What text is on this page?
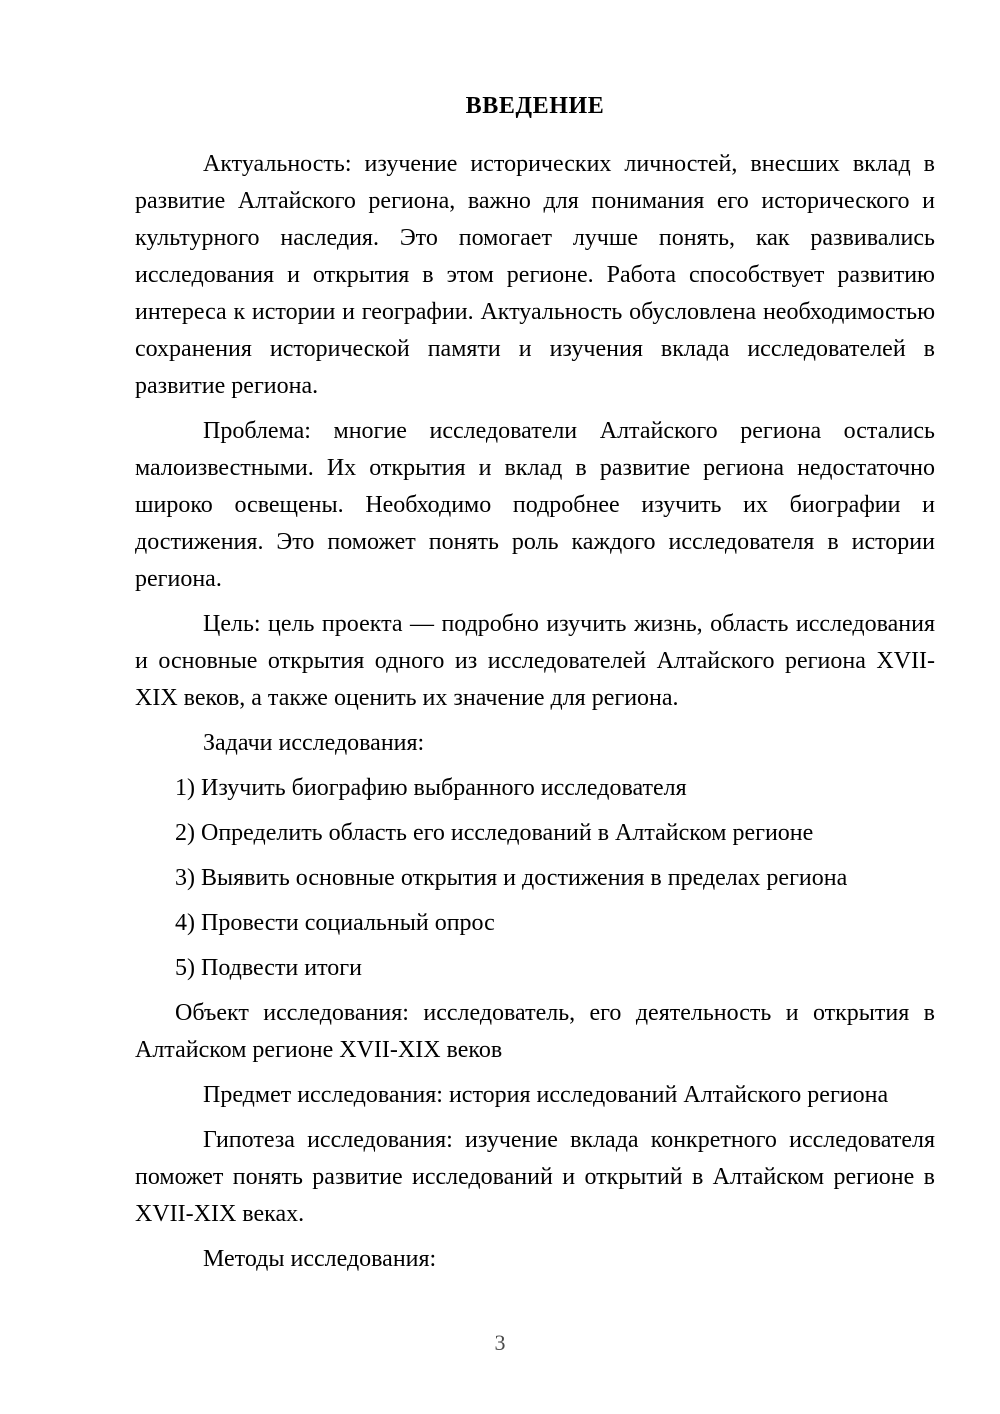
ВВЕДЕНИЕ

Актуальность: изучение исторических личностей, внесших вклад в развитие Алтайского региона, важно для понимания его исторического и культурного наследия. Это помогает лучше понять, как развивались исследования и открытия в этом регионе. Работа способствует развитию интереса к истории и географии. Актуальность обусловлена необходимостью сохранения исторической памяти и изучения вклада исследователей в развитие региона.

Проблема: многие исследователи Алтайского региона остались малоизвестными. Их открытия и вклад в развитие региона недостаточно широко освещены. Необходимо подробнее изучить их биографии и достижения. Это поможет понять роль каждого исследователя в истории региона.

Цель: цель проекта — подробно изучить жизнь, область исследования и основные открытия одного из исследователей Алтайского региона XVII-XIX веков, а также оценить их значение для региона.

Задачи исследования:

1) Изучить биографию выбранного исследователя
2) Определить область его исследований в Алтайском регионе
3) Выявить основные открытия и достижения в пределах региона
4) Провести социальный опрос
5) Подвести итоги

Объект исследования: исследователь, его деятельность и открытия в Алтайском регионе XVII-XIX веков

Предмет исследования: история исследований Алтайского региона

Гипотеза исследования: изучение вклада конкретного исследователя поможет понять развитие исследований и открытий в Алтайском регионе в XVII-XIX веках.

Методы исследования:

3
